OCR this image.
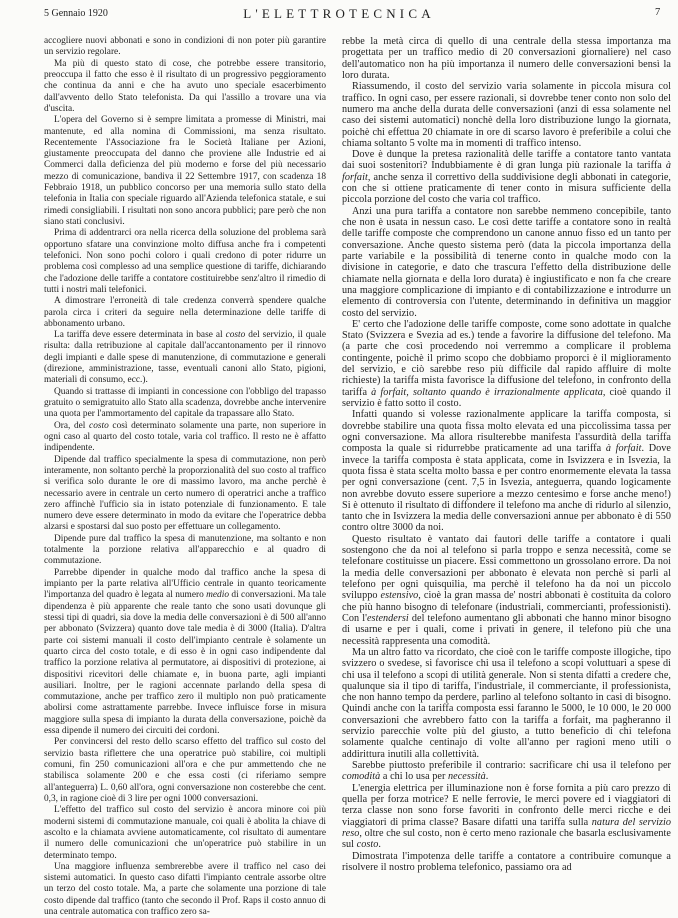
5 Gennaio 1920	L'ELETTROTECNICA	7

accogliere nuovi abbonati e sono in condizioni di non poter più garantire un servizio regolare.

Ma più di questo stato di cose, che potrebbe essere transitorio, preoccupa il fatto che esso è il risultato di un progressivo peggioramento che continua da anni e che ha avuto uno speciale esacerbimento dall'avvento dello Stato telefonista. Da qui l'assillo a trovare una via d'uscita.

L'opera del Governo si è sempre limitata a promesse di Ministri, mai mantenute, ed alla nomina di Commissioni, ma senza risultato. Recentemente l'Associazione fra le Società Italiane per Azioni, giustamente preoccupata del danno che proviene alle Industrie ed ai Commerci dalla deficienza del più moderno e forse del più necessario mezzo di comunicazione, bandiva il 22 Settembre 1917, con scadenza 18 Febbraio 1918, un pubblico concorso per una memoria sullo stato della telefonia in Italia con speciale riguardo all'Azienda telefonica statale, e sui rimedi consigliabili. I risultati non sono ancora pubblici; pare però che non siano stati conclusivi.

Prima di addentrarci ora nella ricerca della soluzione del problema sarà opportuno sfatare una convinzione molto diffusa anche fra i competenti telefonici. Non sono pochi coloro i quali credono di poter ridurre un problema così complesso ad una semplice questione di tariffe, dichiarando che l'adozione delle tariffe a contatore costituirebbe senz'altro il rimedio di tutti i nostri mali telefonici.

A dimostrare l'erroneità di tale credenza converrà spendere qualche parola circa i criteri da seguire nella determinazione delle tariffe di abbonamento urbano.

La tariffa deve essere determinata in base al costo del servizio, il quale risulta: dalla retribuzione al capitale dall'accantonamento per il rinnovo degli impianti e dalle spese di manutenzione, di commutazione e generali (direzione, amministrazione, tasse, eventuali canoni allo Stato, pigioni, materiali di consumo, ecc.).

Quando si trattasse di impianti in concessione con l'obbligo del trapasso gratuito o semigratuito allo Stato alla scadenza, dovrebbe anche intervenire una quota per l'ammortamento del capitale da trapassare allo Stato.

Ora, del costo così determinato solamente una parte, non superiore in ogni caso al quarto del costo totale, varia col traffico. Il resto ne è affatto indipendente.

Dipende dal traffico specialmente la spesa di commutazione, non però interamente, non soltanto perchè la proporzionalità del suo costo al traffico si verifica solo durante le ore di massimo lavoro, ma anche perchè è necessario avere in centrale un certo numero di operatrici anche a traffico zero affinchè l'ufficio sia in istato potenziale di funzionamento. E tale numero deve essere determinato in modo da evitare che l'operatrice debba alzarsi e spostarsi dal suo posto per effettuare un collegamento.

Dipende pure dal traffico la spesa di manutenzione, ma soltanto e non totalmente la porzione relativa all'apparecchio e al quadro di commutazione.

Parrebbe dipender in qualche modo dal traffico anche la spesa di impianto per la parte relativa all'Ufficio centrale in quanto teoricamente l'importanza del quadro è legata al numero medio di conversazioni. Ma tale dipendenza è più apparente che reale tanto che sono usati dovunque gli stessi tipi di quadri, sia dove la media delle conversazioni è di 500 all'anno per abbonato (Svizzera) quanto dove tale media è di 3000 (Italia). D'altra parte coi sistemi manuali il costo dell'impianto centrale è solamente un quarto circa del costo totale, e di esso è in ogni caso indipendente dal traffico la porzione relativa al permutatore, ai dispositivi di protezione, ai dispositivi ricevitori delle chiamate e, in buona parte, agli impianti ausiliari. Inoltre, per le ragioni accennate parlando della spesa di commutazione, anche per traffico zero il multiplo non può praticamente abolirsi come astrattamente parrebbe. Invece influisce forse in misura maggiore sulla spesa di impianto la durata della conversazione, poichè da essa dipende il numero dei circuiti dei cordoni.

Per convincersi del resto dello scarso effetto del traffico sul costo del servizio basta riflettere che una operatrice può stabilire, coi multipli comuni, fin 250 comunicazioni all'ora e che pur ammettendo che ne stabilisca solamente 200 e che essa costi (ci riferiamo sempre all'anteguerra) L. 0,60 all'ora, ogni conversazione non costerebbe che cent. 0,3, in ragione cioè di 3 lire per ogni 1000 conversazioni.

L'effetto del traffico sul costo del servizio è ancora minore coi più moderni sistemi di commutazione manuale, coi quali è abolita la chiave di ascolto e la chiamata avviene automaticamente, col risultato di aumentare il numero delle comunicazioni che un'operatrice può stabilire in un determinato tempo.

Una maggiore influenza sembrerebbe avere il traffico nel caso dei sistemi automatici. In questo caso difatti l'impianto centrale assorbe oltre un terzo del costo totale. Ma, a parte che solamente una porzione di tale costo dipende dal traffico (tanto che secondo il Prof. Raps il costo annuo di una centrale automatica con traffico zero sa-

rebbe la metà circa di quello di una centrale della stessa importanza ma progettata per un traffico medio di 20 conversazioni giornaliere) nel caso dell'automatico non ha più importanza il numero delle conversazioni bensì la loro durata.

Riassumendo, il costo del servizio varia solamente in piccola misura col traffico. In ogni caso, per essere razionali, si dovrebbe tener conto non solo del numero ma anche della durata delle conversazioni (anzi di essa solamente nel caso dei sistemi automatici) nonchè della loro distribuzione lungo la giornata, poichè chi effettua 20 chiamate in ore di scarso lavoro è preferibile a colui che chiama soltanto 5 volte ma in momenti di traffico intenso.

Dove è dunque la pretesa razionalità delle tariffe a contatore tanto vantata dai suoi sostenitori? Indubbiamente è di gran lunga più razionale la tariffa à forfait, anche senza il correttivo della suddivisione degli abbonati in categorie, con che si ottiene praticamente di tener conto in misura sufficiente della piccola porzione del costo che varia col traffico.

Anzi una pura tariffa a contatore non sarebbe nemmeno concepibile, tanto che non è usata in nessun caso. Le così dette tariffe a contatore sono in realtà delle tariffe composte che comprendono un canone annuo fisso ed un tanto per conversazione. Anche questo sistema però (data la piccola importanza della parte variabile e la possibilità di tenerne conto in qualche modo con la divisione in categorie, e dato che trascura l'effetto della distribuzione delle chiamate nella giornata e della loro durata) è ingiustificato e non fa che creare una maggiore complicazione di impianto e di contabilizzazione e introdurre un elemento di controversia con l'utente, determinando in definitiva un maggior costo del servizio.

E' certo che l'adozione delle tariffe composte, come sono adottate in qualche Stato (Svizzera e Svezia ad es.) tende a favorire la diffusione del telefono. Ma (a parte che così procedendo noi verremmo a complicare il problema contingente, poichè il primo scopo che dobbiamo proporci è il miglioramento del servizio, e ciò sarebbe reso più difficile dal rapido affluire di molte richieste) la tariffa mista favorisce la diffusione del telefono, in confronto della tariffa à forfait, soltanto quando è irrazionalmente applicata, cioè quando il servizio è fatto sotto il costo.

Infatti quando si volesse razionalmente applicare la tariffa composta, si dovrebbe stabilire una quota fissa molto elevata ed una piccolissima tassa per ogni conversazione. Ma allora risulterebbe manifesta l'assurdità della tariffa composta la quale si ridurrebbe praticamente ad una tariffa à forfait. Dove invece la tariffa composta è stata applicata, come in Isvizzera e in Isvezia, la quota fissa è stata scelta molto bassa e per contro enormemente elevata la tassa per ogni conversazione (cent. 7,5 in Isvezia, anteguerra, quando logicamente non avrebbe dovuto essere superiore a mezzo centesimo e forse anche meno!) Si è ottenuto il risultato di diffondere il telefono ma anche di ridurlo al silenzio, tanto che in Isvizzera la media delle conversazioni annue per abbonato è di 550 contro oltre 3000 da noi.

Questo risultato è vantato dai fautori delle tariffe a contatore i quali sostengono che da noi al telefono si parla troppo e senza necessità, come se telefonare costituisse un piacere. Essi commettono un grossolano errore. Da noi la media delle conversazioni per abbonato è elevata non perchè si parli al telefono per ogni quisquilia, ma perchè il telefono ha da noi un piccolo sviluppo estensivo, cioè la gran massa de' nostri abbonati è costituita da coloro che più hanno bisogno di telefonare (industriali, commercianti, professionisti). Con l'estendersi del telefono aumentano gli abbonati che hanno minor bisogno di usarne e per i quali, come i privati in genere, il telefono più che una necessità rappresenta una comodità.

Ma un altro fatto va ricordato, che cioè con le tariffe composte illogiche, tipo svizzero o svedese, si favorisce chi usa il telefono a scopi voluttuari a spese di chi usa il telefono a scopi di utilità generale. Non si stenta difatti a credere che, qualunque sia il tipo di tariffa, l'industriale, il commerciante, il professionista, che non hanno tempo da perdere, parlino al telefono soltanto in casi di bisogno. Quindi anche con la tariffa composta essi faranno le 5000, le 10 000, le 20 000 conversazioni che avrebbero fatto con la tariffa a forfait, ma pagheranno il servizio parecchie volte più del giusto, a tutto beneficio di chi telefona solamente qualche centinajo di volte all'anno per ragioni meno utili o addirittura inutili alla collettività.

Sarebbe piuttosto preferibile il contrario: sacrificare chi usa il telefono per comodità a chi lo usa per necessità.

L'energia elettrica per illuminazione non è forse fornita a più caro prezzo di quella per forza motrice? E nelle ferrovie, le merci povere ed i viaggiatori di terza classe non sono forse favoriti in confronto delle merci ricche e dei viaggiatori di prima classe? Basare difatti una tariffa sulla natura del servizio reso, oltre che sul costo, non è certo meno razionale che basarla esclusivamente sul costo.

Dimostrata l'impotenza delle tariffe a contatore a contribuire comunque a risolvere il nostro problema telefonico, passiamo ora ad
